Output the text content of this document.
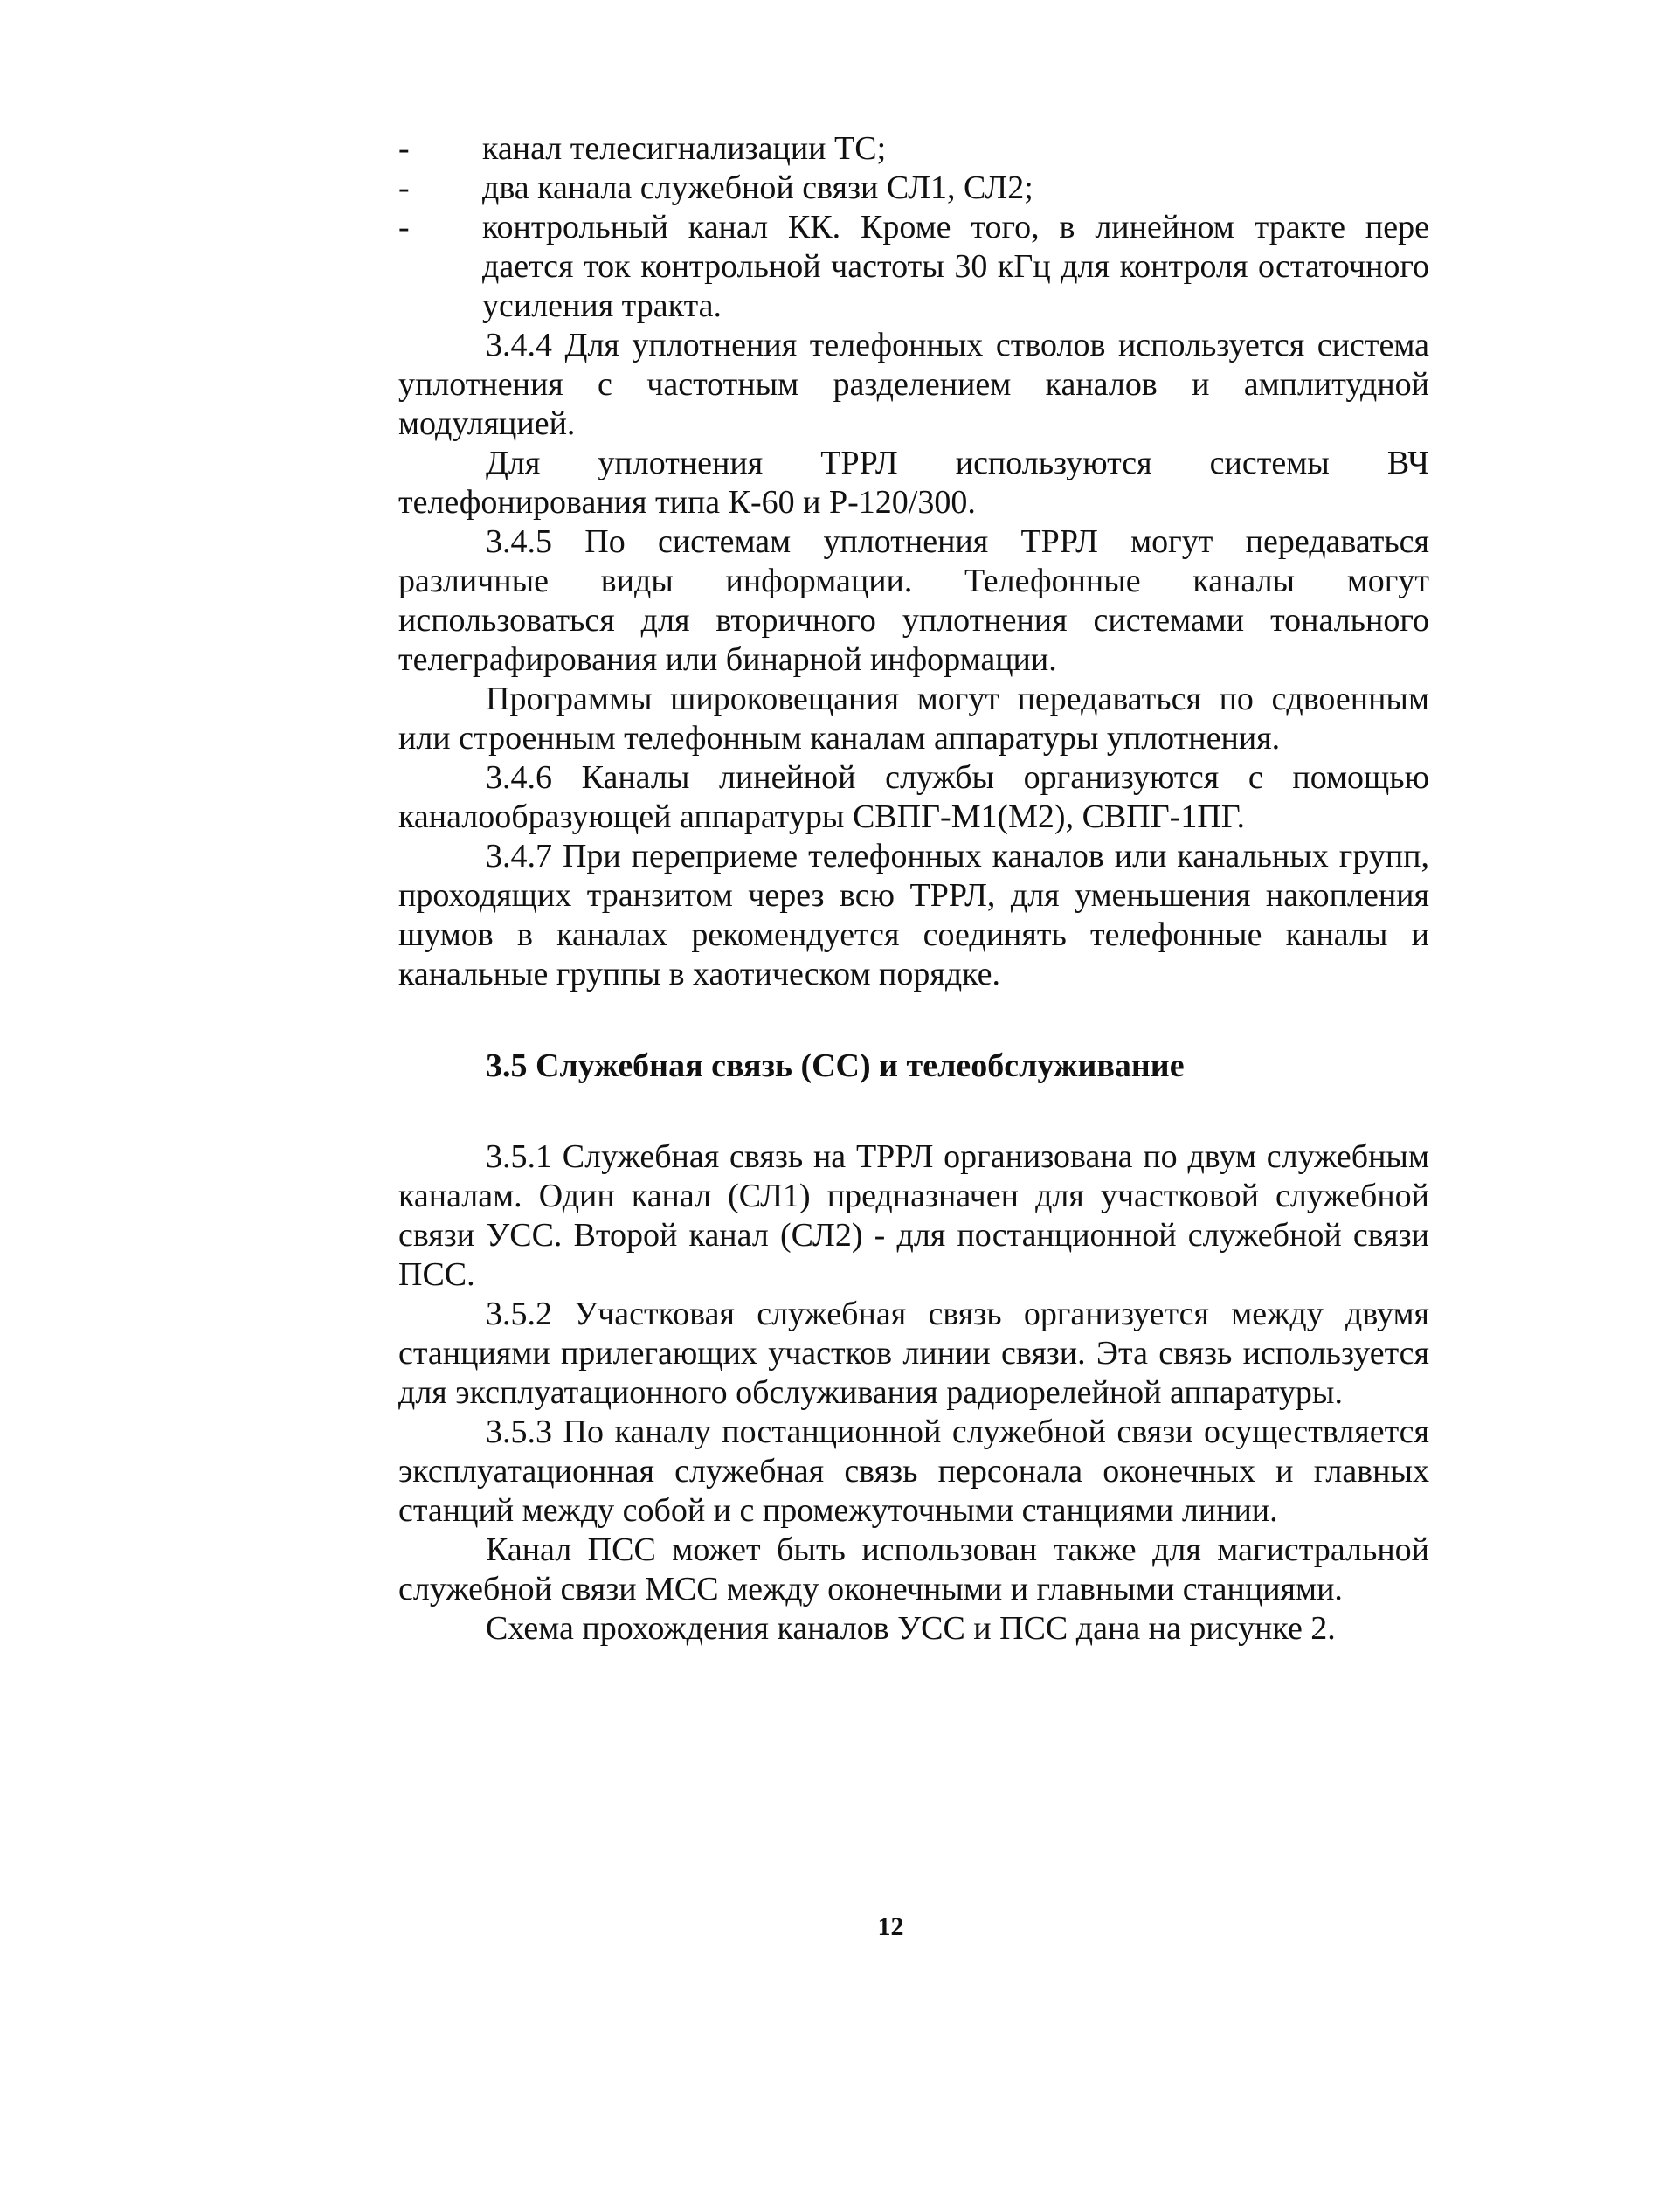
-	канал телесигнализации ТС;
-	два канала служебной связи СЛ1, СЛ2;
-	контрольный канал КК. Кроме того, в линейном тракте пере дается ток контрольной частоты 30 кГц для контроля остаточного усиления тракта.

3.4.4 Для уплотнения телефонных стволов используется система уплотнения с частотным разделением каналов и амплитудной модуляцией.

Для уплотнения ТРРЛ используются системы ВЧ телефонирования типа К-60 и Р-120/300.

3.4.5 По системам уплотнения ТРРЛ могут передаваться различные виды информации. Телефонные каналы могут использоваться для вторичного уплотнения системами тонального телеграфирования или бинарной информации.

Программы широковещания могут передаваться по сдвоенным или строенным телефонным каналам аппаратуры уплотнения.

3.4.6 Каналы линейной службы организуются с помощью каналообразующей аппаратуры СВПГ-М1(М2), СВПГ-1ПГ.

3.4.7 При переприеме телефонных каналов или канальных групп, проходящих транзитом через всю ТРРЛ, для уменьшения накопления шумов в каналах рекомендуется соединять телефонные каналы и канальные группы в хаотическом порядке.

3.5 Служебная связь (СС) и телеобслуживание

3.5.1 Служебная связь на ТРРЛ организована по двум служебным каналам. Один канал (СЛ1) предназначен для участковой служебной связи УСС. Второй канал (СЛ2) - для постанционной служебной связи ПСС.

3.5.2 Участковая служебная связь организуется между двумя станциями прилегающих участков линии связи. Эта связь используется для эксплуатационного обслуживания радиорелейной аппаратуры.

3.5.3 По каналу постанционной служебной связи осуществляется эксплуатационная служебная связь персонала оконечных и главных станций между собой и с промежуточными станциями линии.

Канал ПСС может быть использован также для магистральной служебной связи МСС между оконечными и главными станциями.

Схема прохождения каналов УСС и ПСС дана на рисунке 2.

12
